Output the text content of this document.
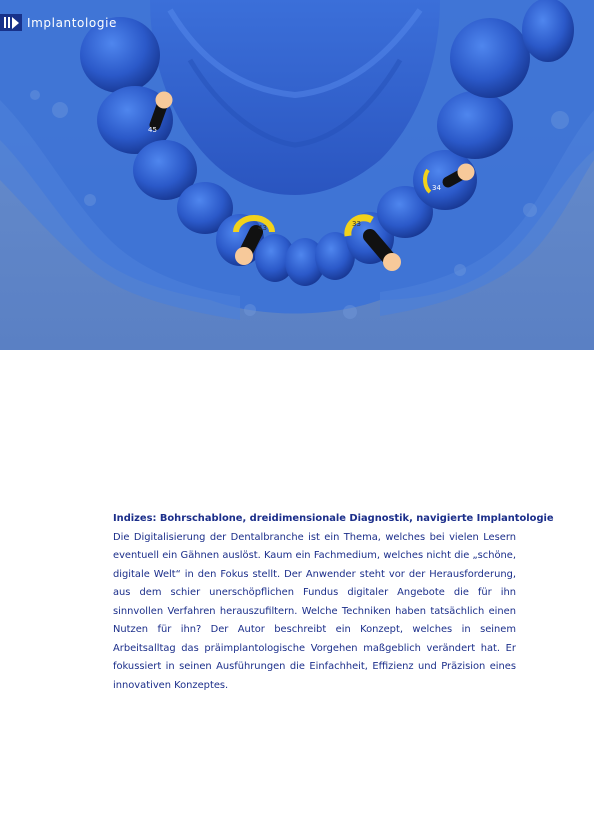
45
43	33
34
Implantologie
Indizes: Bohrschablone, dreidimensionale Diagnostik, navigierte Implantologie
Die Digitalisierung der Dentalbranche ist ein Thema, welches bei vielen Lesern eventuell ein Gähnen auslöst. Kaum ein Fachmedium, welches nicht die „schöne, digitale Welt“ in den Fokus stellt. Der Anwender steht vor der Herausforderung, aus dem schier unerschöpflichen Fundus digitaler Angebote die für ihn sinnvollen Verfahren herauszufiltern. Welche Techniken haben tatsächlich einen Nutzen für ihn? Der Autor beschreibt ein Konzept, welches in seinem Arbeitsalltag das präimplantologische Vorgehen maßgeblich verändert hat. Er fokussiert in seinen Ausführungen die Einfachheit, Effizienz und Präzision eines innovativen Konzeptes.
